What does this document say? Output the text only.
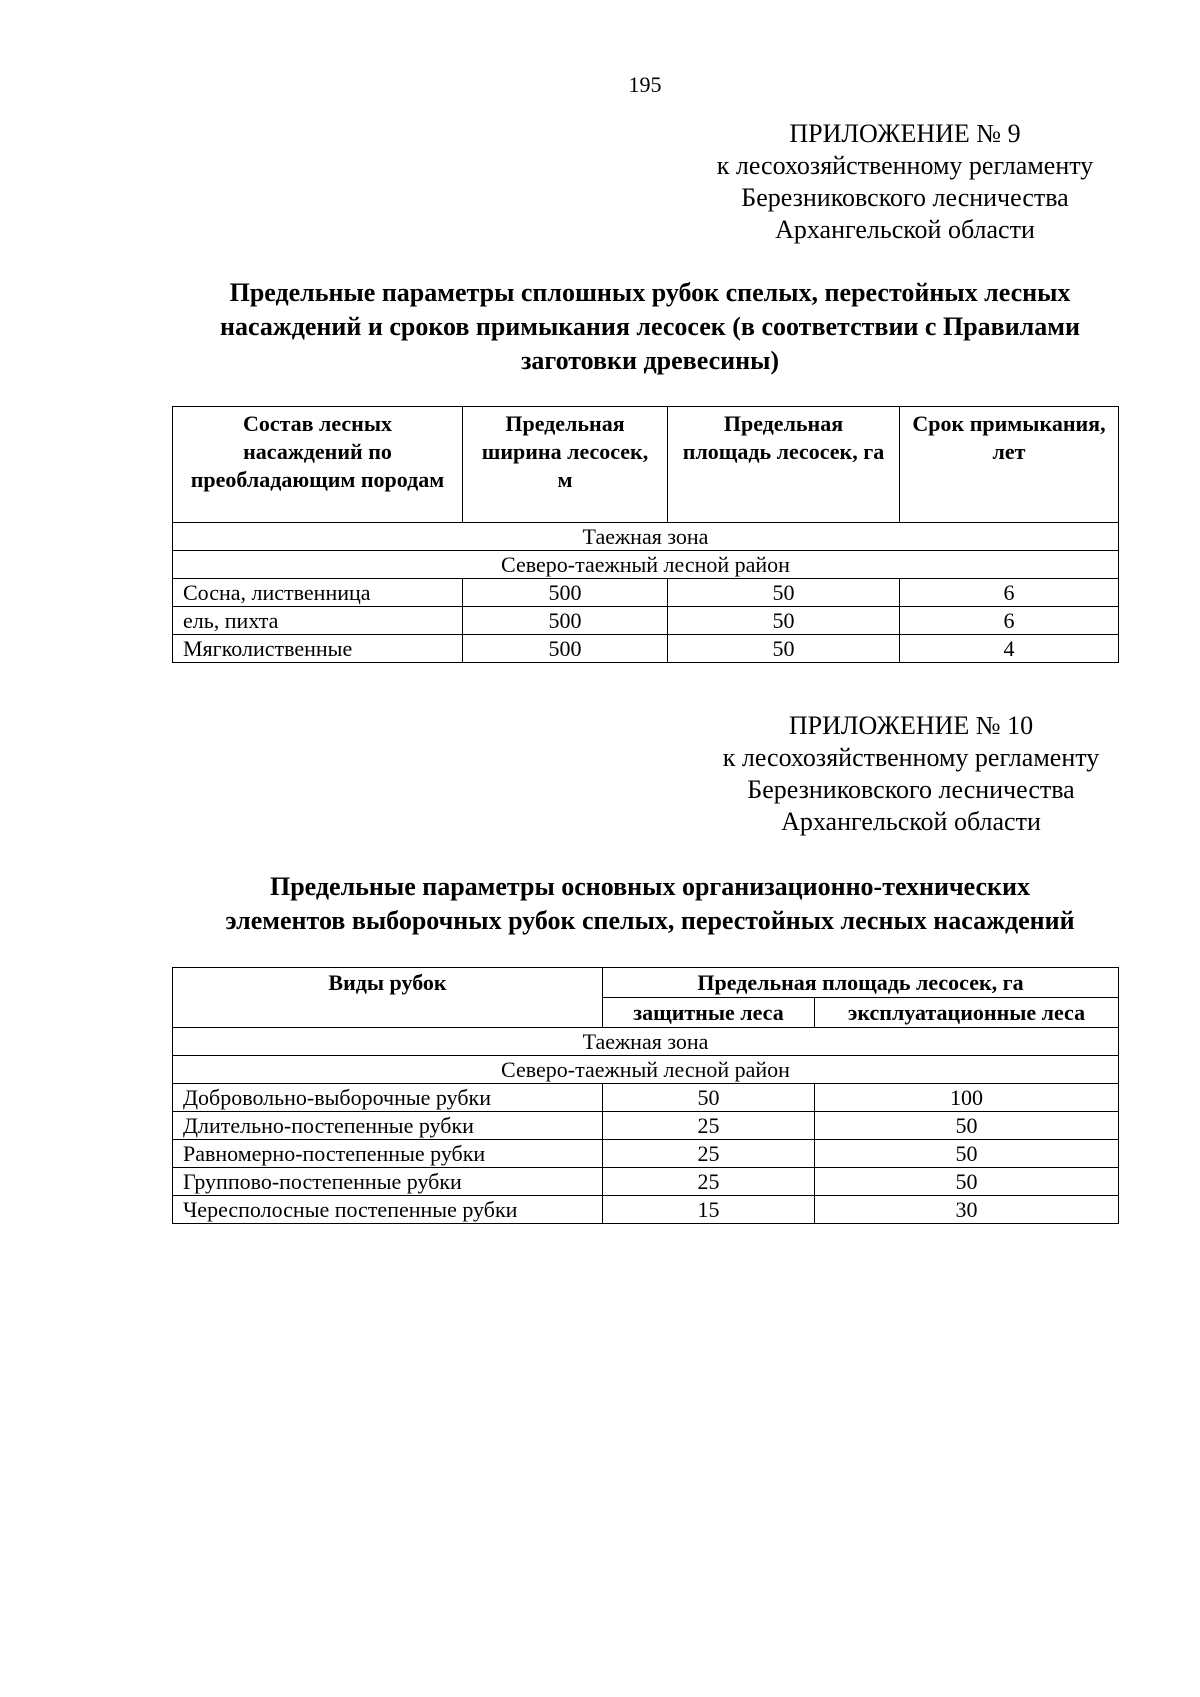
195
ПРИЛОЖЕНИЕ № 9
к лесохозяйственному регламенту
Березниковского лесничества
Архангельской области
Предельные параметры сплошных рубок спелых, перестойных лесных
насаждений и сроков примыкания лесосек (в соответствии с Правилами
заготовки древесины)
Состав лесных насаждений по преобладающим породам	Предельная ширина лесосек, м	Предельная площадь лесосек, га	Срок примыкания, лет
Таежная зона			
Северо-таежный лесной район			
Сосна, лиственница	500	50	6
ель, пихта	500	50	6
Мягколиственные	500	50	4
ПРИЛОЖЕНИЕ № 10
к лесохозяйственному регламенту
Березниковского лесничества
Архангельской области
Предельные параметры основных организационно-технических
элементов выборочных рубок спелых, перестойных лесных насаждений
Виды рубок	Предельная площадь лесосек, га	
	защитные леса	эксплуатационные леса
Таежная зона		
Северо-таежный лесной район		
Добровольно-выборочные рубки	50	100
Длительно-постепенные рубки	25	50
Равномерно-постепенные рубки	25	50
Группово-постепенные рубки	25	50
Чересполосные постепенные рубки	15	30
